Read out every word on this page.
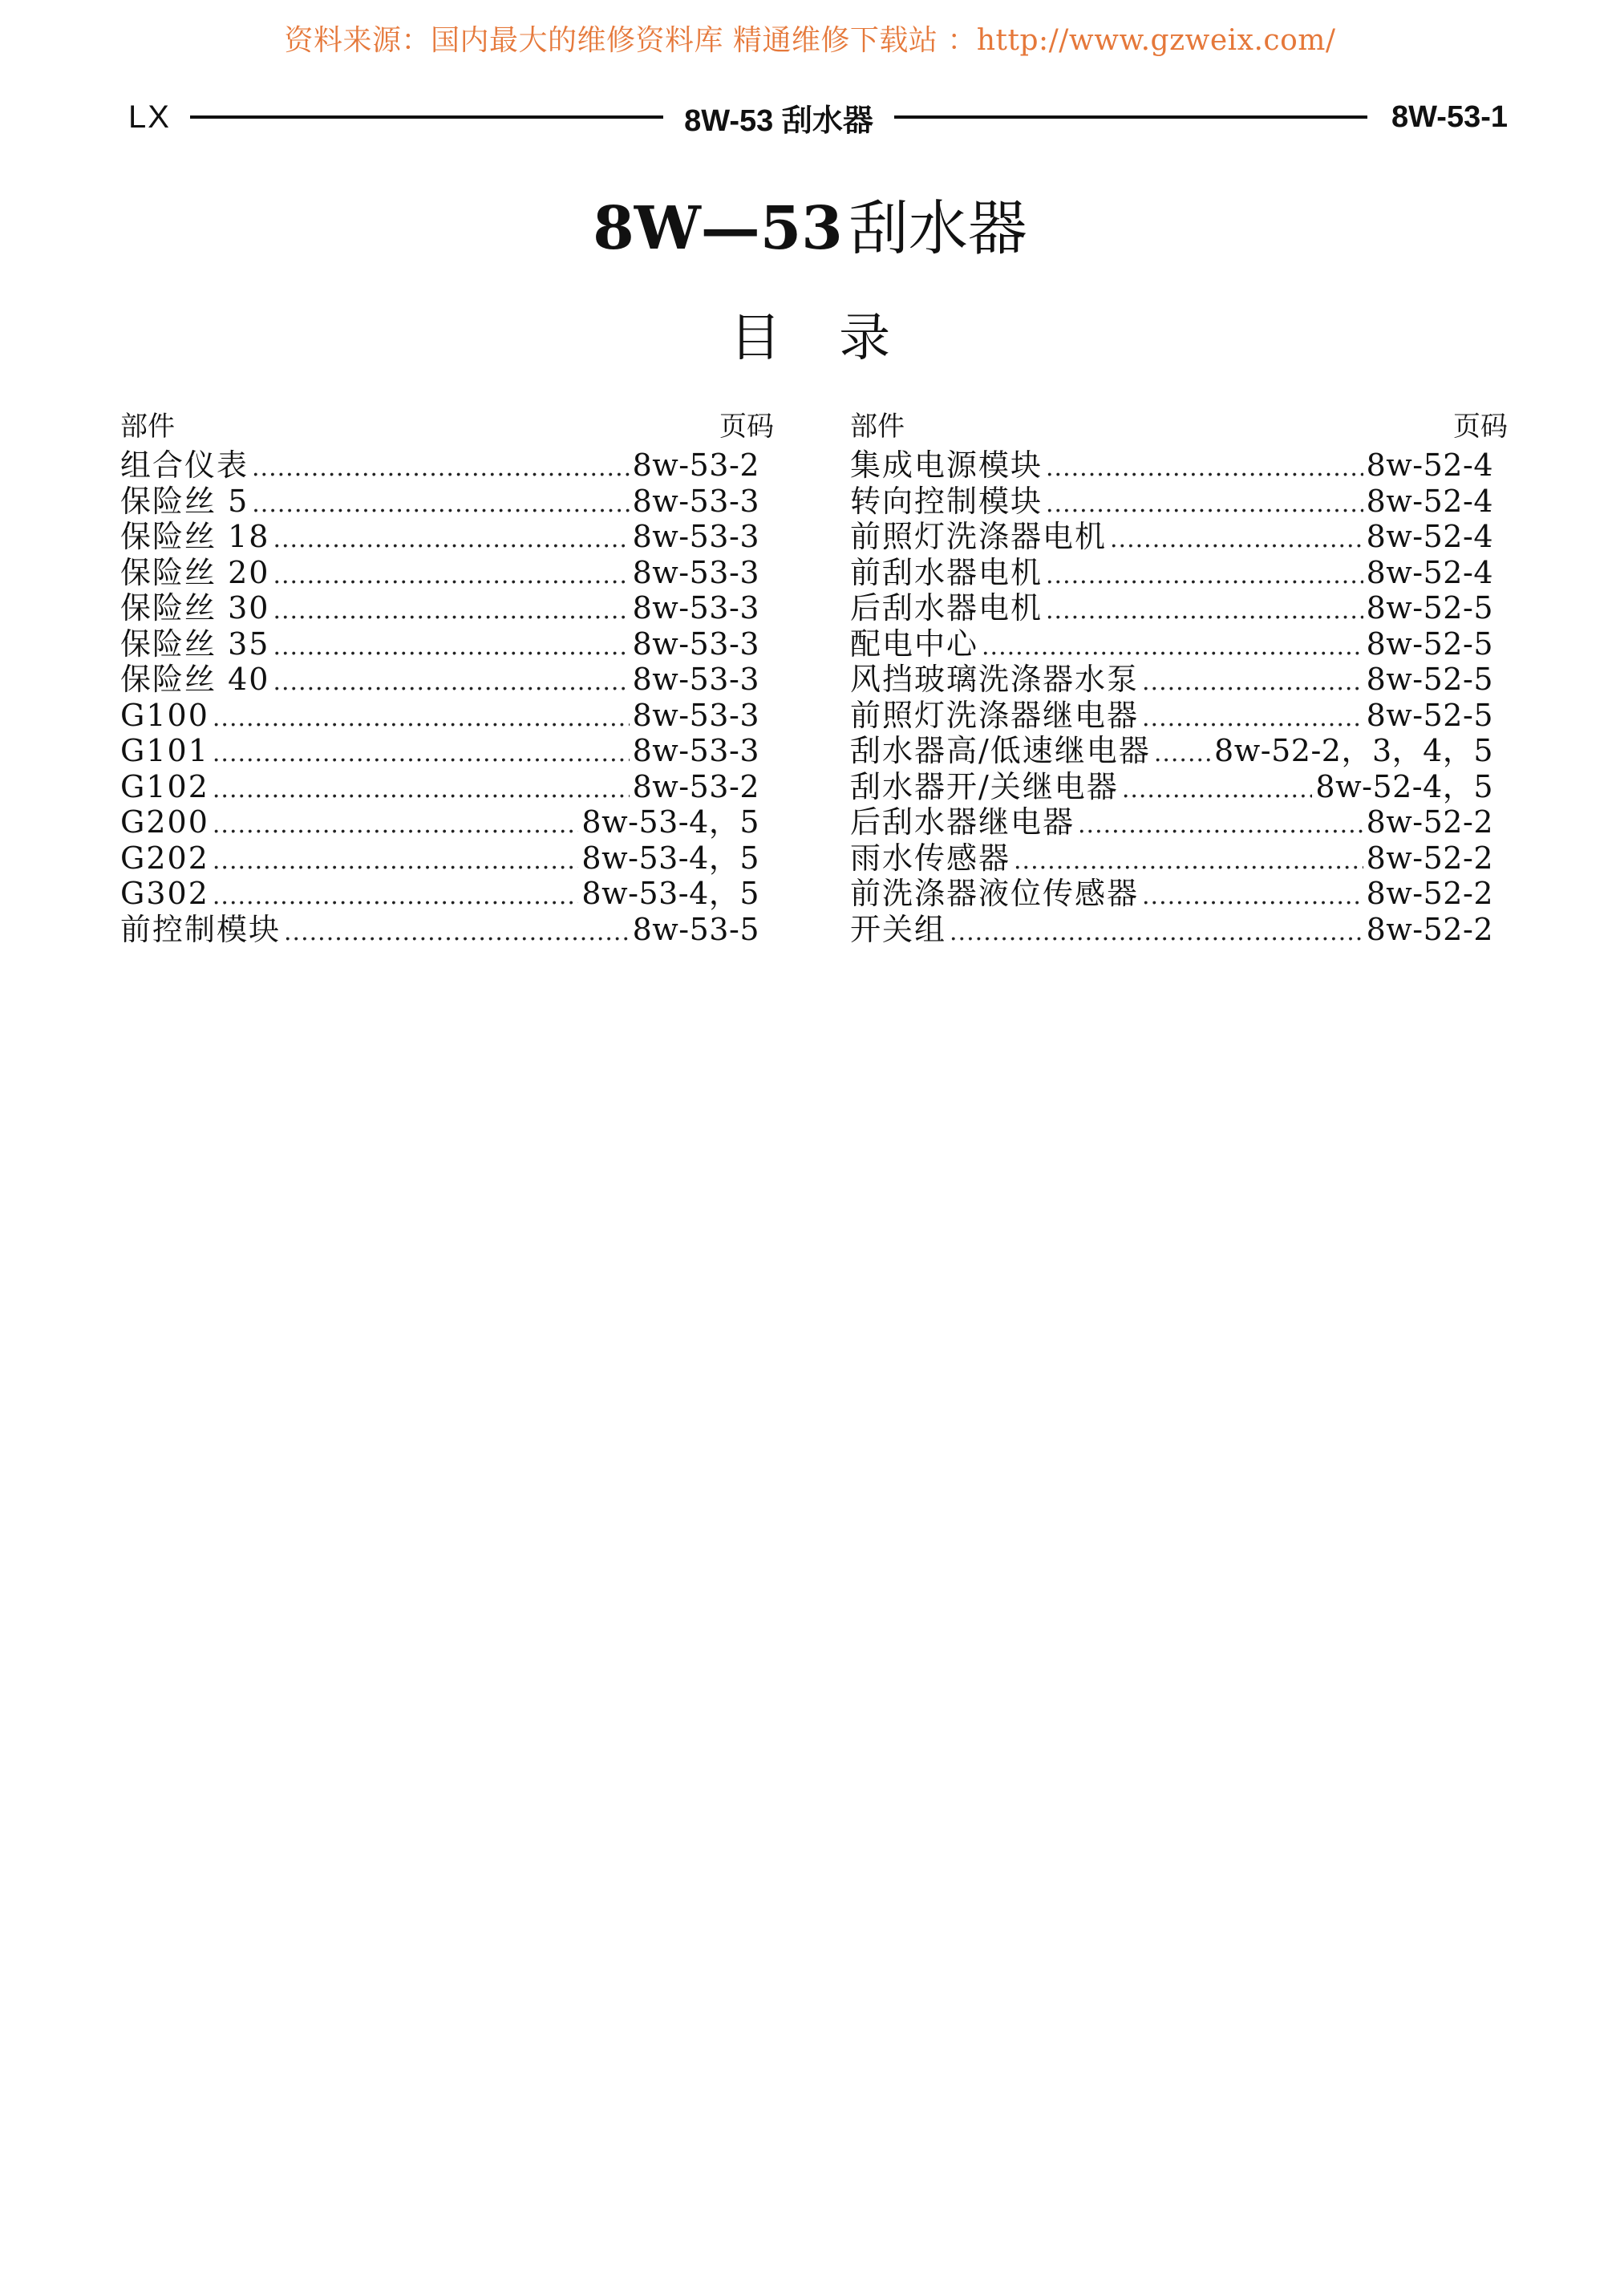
资料来源：国内最大的维修资料库 精通维修下载站 ：http://www.gzweix.com/
LX	8W-53 刮水器	8W-53-1
8W—53 刮水器
目 录
部件	页码
组合仪表 .....	8w-53-2
保险丝 5 .....	8w-53-3
保险丝 18 .....	8w-53-3
保险丝 20 .....	8w-53-3
保险丝 30 .....	8w-53-3
保险丝 35 .....	8w-53-3
保险丝 40 .....	8w-53-3
G100 .....	8w-53-3
G101 .....	8w-53-3
G102 .....	8w-53-2
G200 .....	8w-53-4，5
G202 .....	8w-53-4，5
G302 .....	8w-53-4，5
前控制模块 .....	8w-53-5
部件	页码
集成电源模块 .....	8w-52-4
转向控制模块 .....	8w-52-4
前照灯洗涤器电机 .....	8w-52-4
前刮水器电机 .....	8w-52-4
后刮水器电机 .....	8w-52-5
配电中心 .....	8w-52-5
风挡玻璃洗涤器水泵 .....	8w-52-5
前照灯洗涤器继电器 .....	8w-52-5
刮水器高/低速继电器 ..... 8w-52-2，3，4，5
刮水器开/关继电器 .....	8w-52-4，5
后刮水器继电器 .....	8w-52-2
雨水传感器 .....	8w-52-2
前洗涤器液位传感器 .....	8w-52-2
开关组 .....	8w-52-2
